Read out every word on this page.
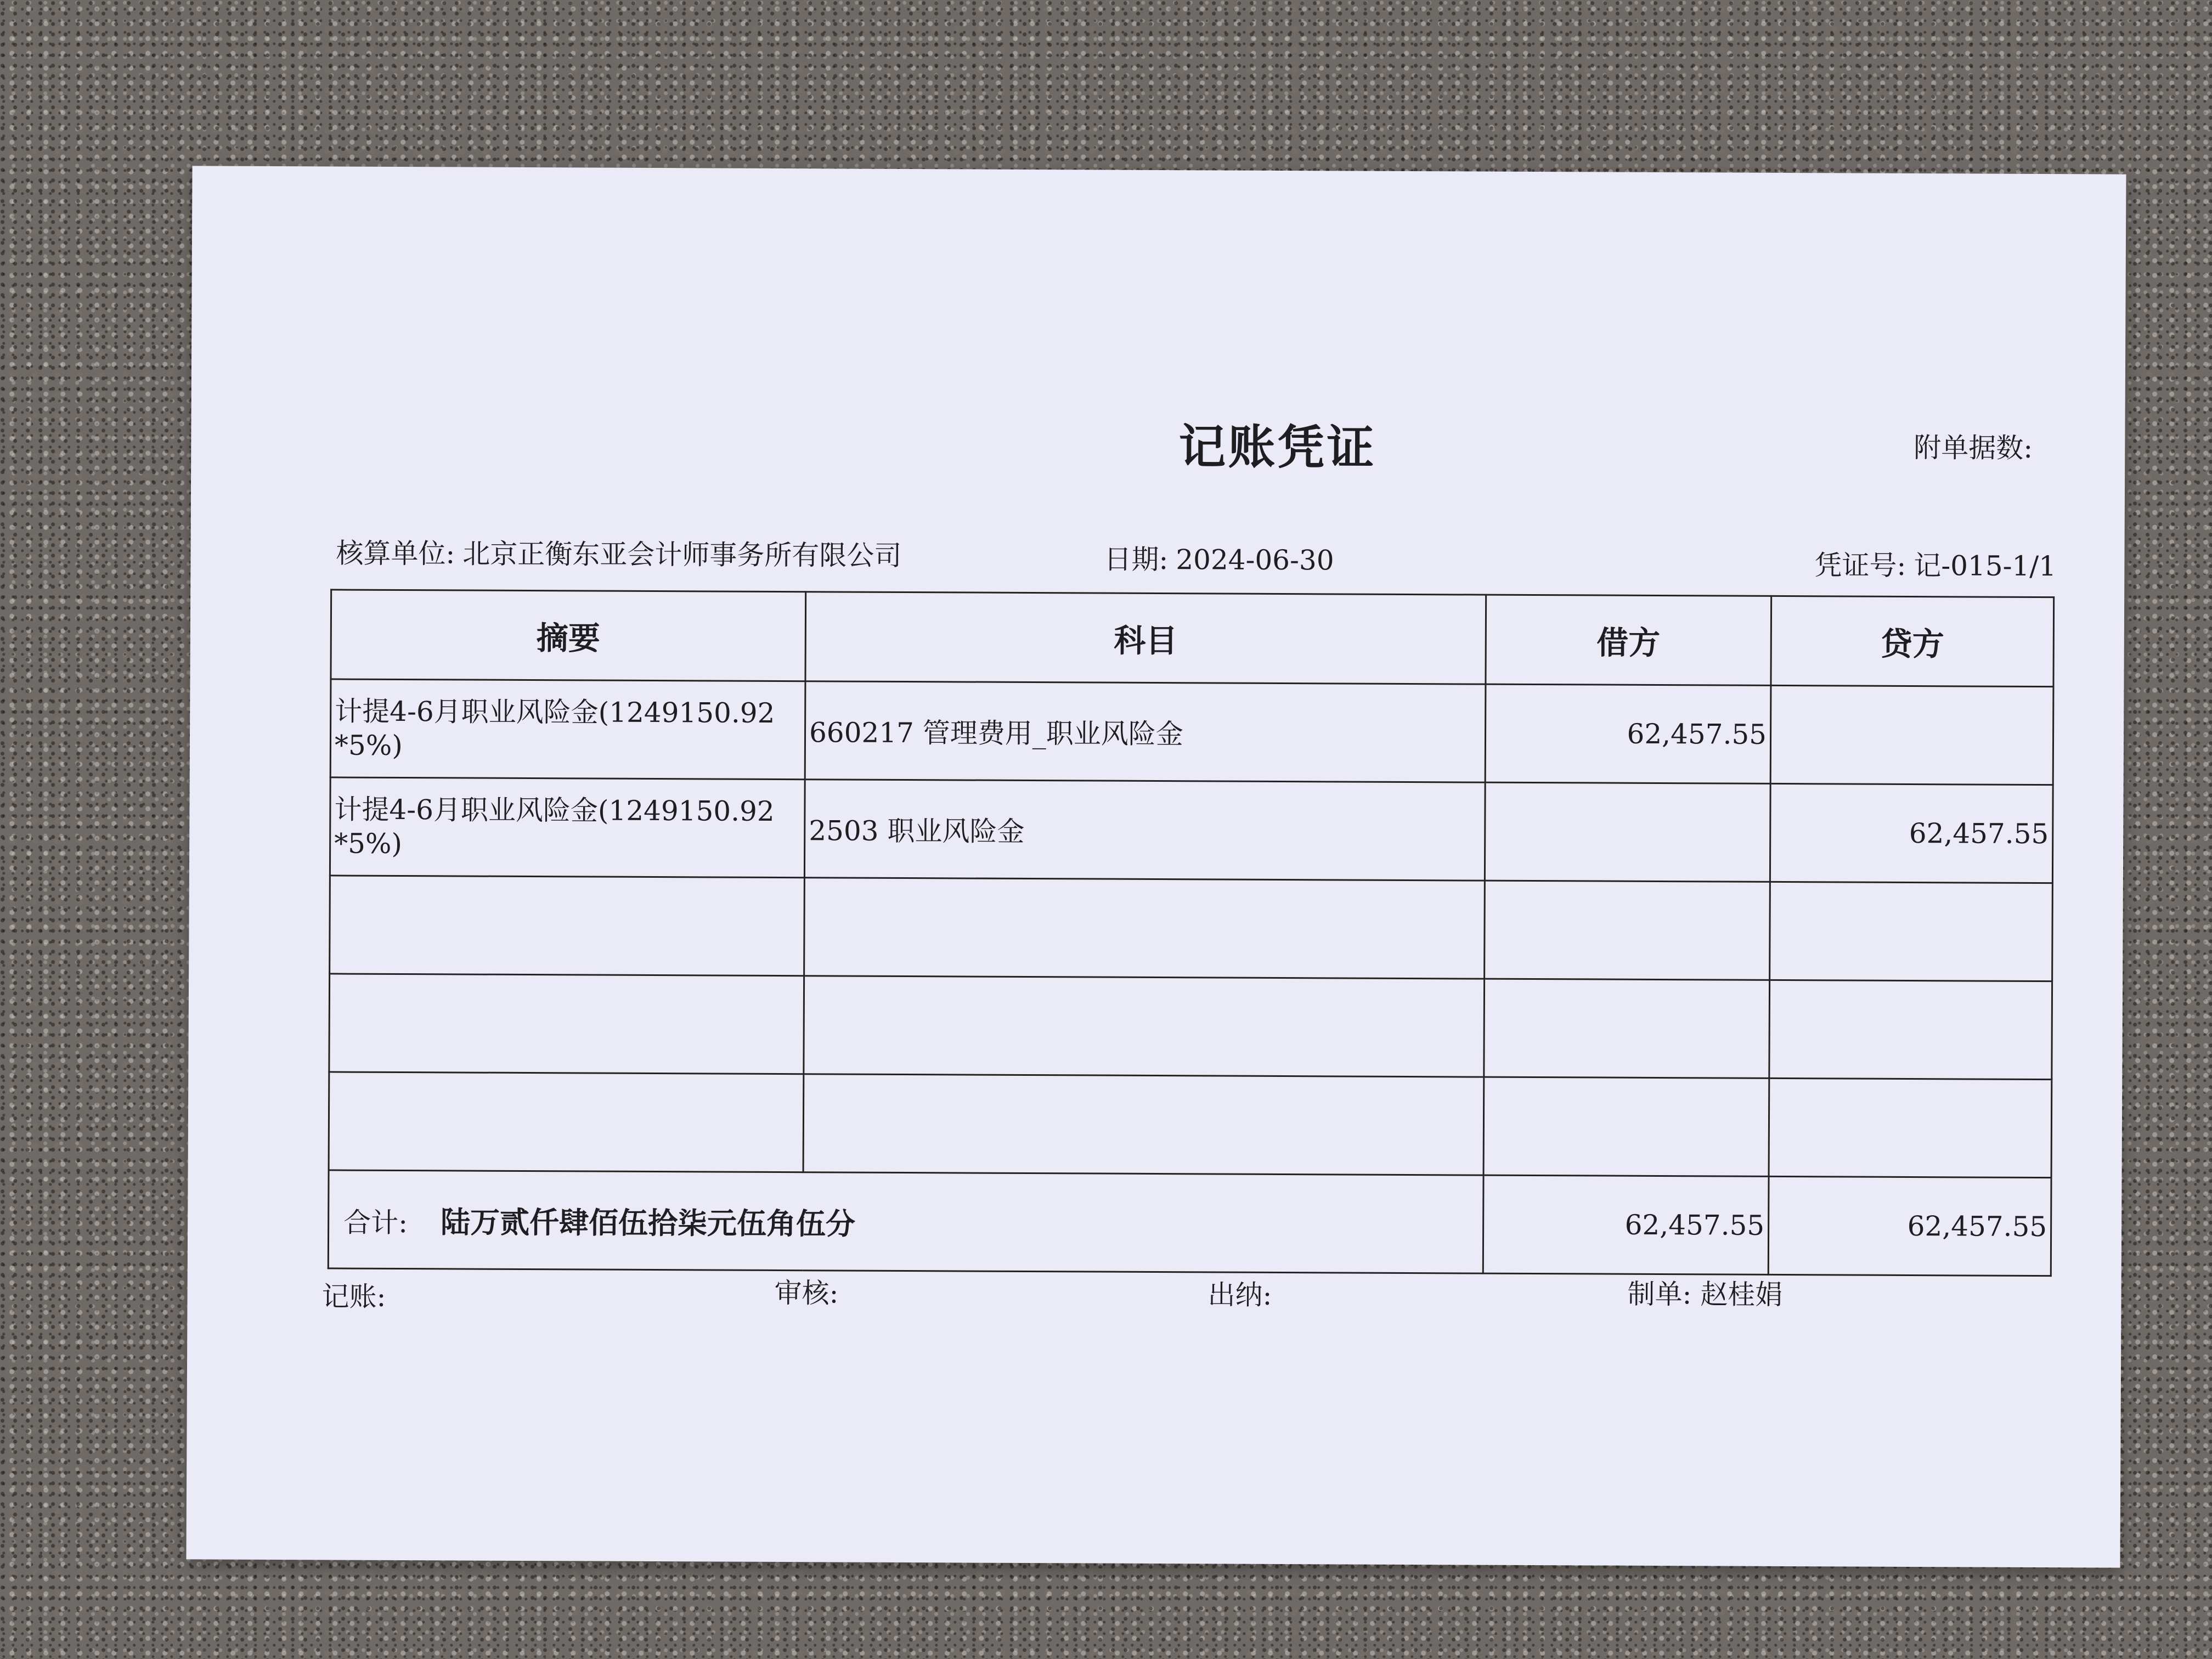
记账凭证	附单据数:
核算单位: 北京正衡东亚会计师事务所有限公司	日期: 2024-06-30	凭证号: 记-015-1/1
摘要	科目	借方	贷方
计提4-6月职业风险金(1249150.92 *5%)	660217 管理费用_职业风险金	62,457.55	
计提4-6月职业风险金(1249150.92 *5%)	2503 职业风险金		62,457.55

合计: 陆万贰仟肆佰伍拾柒元伍角伍分		62,457.55	62,457.55
记账:	审核:	出纳:	制单: 赵桂娟
